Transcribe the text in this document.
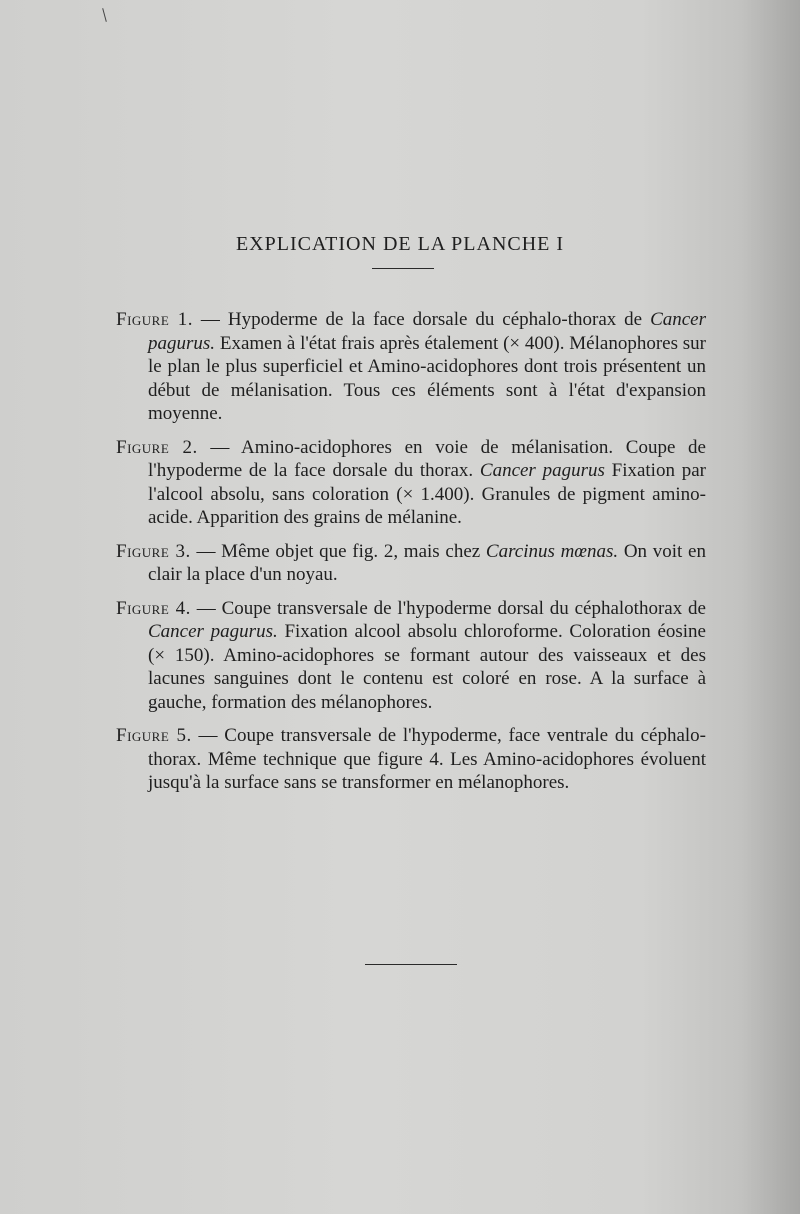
EXPLICATION DE LA PLANCHE I

Figure 1. — Hypoderme de la face dorsale du céphalo-thorax de Cancer pagurus. Examen à l'état frais après étalement (× 400). Mélanophores sur le plan le plus superficiel et Amino-acidophores dont trois présentent un début de mélanisation. Tous ces éléments sont à l'état d'expansion moyenne.

Figure 2. — Amino-acidophores en voie de mélanisation. Coupe de l'hypoderme de la face dorsale du thorax. Cancer pagurus Fixation par l'alcool absolu, sans coloration (× 1.400). Granules de pigment amino-acide. Apparition des grains de mélanine.

Figure 3. — Même objet que fig. 2, mais chez Carcinus mœnas. On voit en clair la place d'un noyau.

Figure 4. — Coupe transversale de l'hypoderme dorsal du céphalothorax de Cancer pagurus. Fixation alcool absolu chloroforme. Coloration éosine (× 150). Amino-acidophores se formant autour des vaisseaux et des lacunes sanguines dont le contenu est coloré en rose. A la surface à gauche, formation des mélanophores.

Figure 5. — Coupe transversale de l'hypoderme, face ventrale du céphalo-thorax. Même technique que figure 4. Les Amino-acidophores évoluent jusqu'à la surface sans se transformer en mélanophores.
